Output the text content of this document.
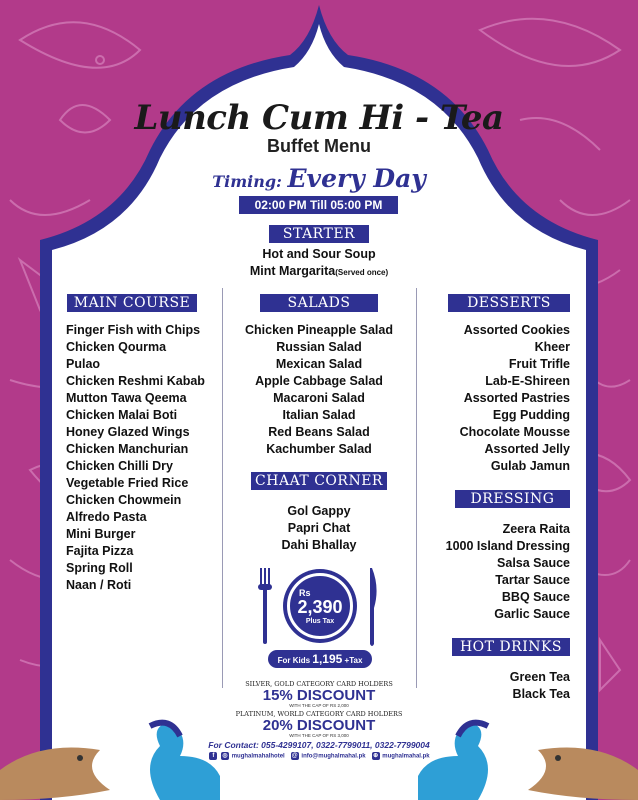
Lunch Cum Hi - Tea
Buffet Menu
Timing: Every Day
02:00 PM Till 05:00 PM
STARTER
Hot and Sour Soup
Mint Margarita(Served once)
MAIN COURSE	SALADS	DESSERTS
Finger Fish with Chips
Chicken Qourma
Pulao
Chicken Reshmi Kabab
Mutton Tawa Qeema
Chicken Malai Boti
Honey Glazed Wings
Chicken Manchurian
Chicken Chilli Dry
Vegetable Fried Rice
Chicken Chowmein
Alfredo Pasta
Mini Burger
Fajita Pizza
Spring Roll
Naan / Roti
Chicken Pineapple Salad
Russian Salad
Mexican Salad
Apple Cabbage Salad
Macaroni Salad
Italian Salad
Red Beans Salad
Kachumber Salad
CHAAT CORNER
Gol Gappy
Papri Chat
Dahi Bhallay
Assorted Cookies
Kheer
Fruit Trifle
Lab-E-Shireen
Assorted Pastries
Egg Pudding
Chocolate Mousse
Assorted Jelly
Gulab Jamun
DRESSING
Zeera Raita
1000 Island Dressing
Salsa Sauce
Tartar Sauce
BBQ Sauce
Garlic Sauce
HOT DRINKS
Green Tea
Black Tea
Rs
2,390
Plus Tax
For Kids 1,195 +Tax
SILVER, GOLD CATEGORY CARD HOLDERS
15% DISCOUNT
WITH THE CAP OF RS 2,000
PLATINUM, WORLD CATEGORY CARD HOLDERS
20% DISCOUNT
WITH THE CAP OF RS 3,000
For Contact: 055-4299107, 0322-7799011, 0322-7799004
f ◎ mughalmahalhotel @ info@mughalmahal.pk ⊕ mughalmahal.pk
